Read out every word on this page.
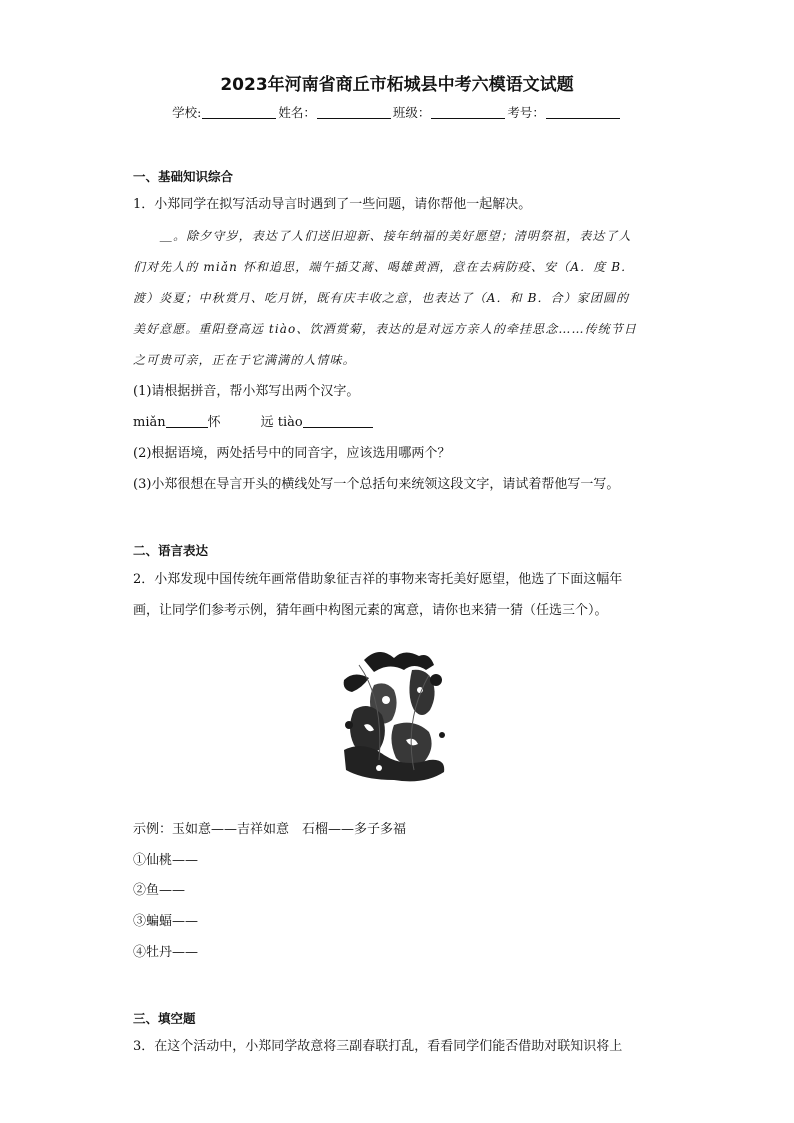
2023年河南省商丘市柘城县中考六模语文试题
学校:	姓名：	班级：	考号：
一、基础知识综合
1．小郑同学在拟写活动导言时遇到了一些问题，请你帮他一起解决。
＿。除夕守岁，表达了人们送旧迎新、接年纳福的美好愿望；清明祭祖，表达了人
们对先人的 miǎn 怀和追思，端午插艾蒿、喝雄黄酒，意在去病防疫、安（A．度 B．
渡）炎夏；中秋赏月、吃月饼，既有庆丰收之意，也表达了（A．和 B．合）家团圆的
美好意愿。重阳登高远 tiào、饮酒赏菊，表达的是对远方亲人的牵挂思念……传统节日
之可贵可亲，正在于它满满的人情味。
(1)请根据拼音，帮小郑写出两个汉字。
miǎn	怀	远 tiào
(2)根据语境，两处括号中的同音字，应该选用哪两个？
(3)小郑很想在导言开头的横线处写一个总括句来统领这段文字，请试着帮他写一写。
二、语言表达
2．小郑发现中国传统年画常借助象征吉祥的事物来寄托美好愿望，他选了下面这幅年
画，让同学们参考示例，猜年画中构图元素的寓意，请你也来猜一猜（任选三个）。
示例：玉如意——吉祥如意　石榴——多子多福
①仙桃——
②鱼——
③蝙蝠——
④牡丹——
三、填空题
3．在这个活动中，小郑同学故意将三副春联打乱，看看同学们能否借助对联知识将上
